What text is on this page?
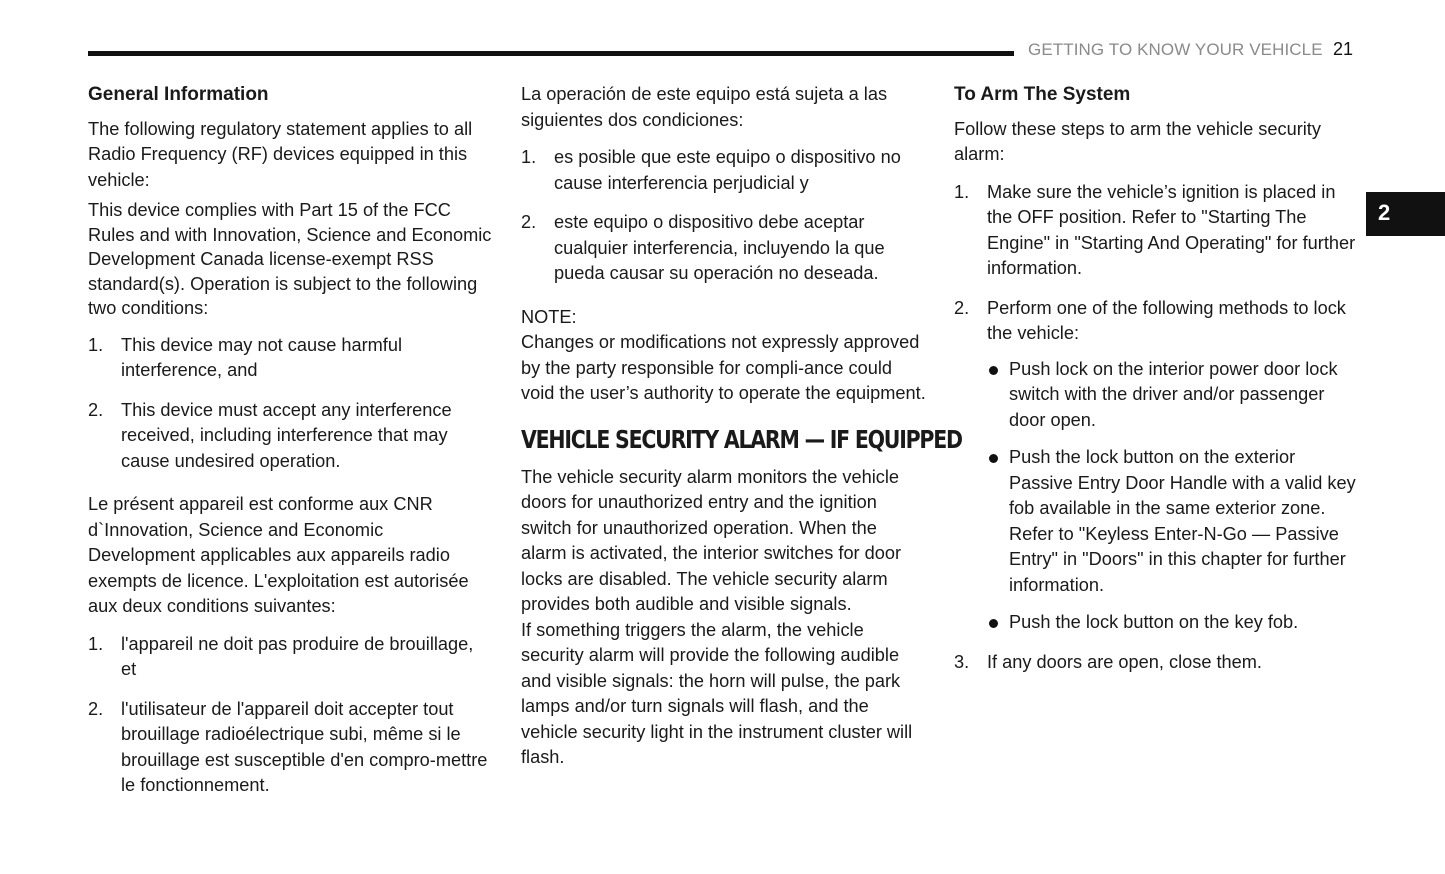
GETTING TO KNOW YOUR VEHICLE 21
2
General Information

The following regulatory statement applies to all Radio Frequency (RF) devices equipped in this vehicle:

This device complies with Part 15 of the FCC Rules and with Innovation, Science and Economic Development Canada license-exempt RSS standard(s). Operation is subject to the following two conditions:

1. This device may not cause harmful interference, and
2. This device must accept any interference received, including interference that may cause undesired operation.

Le présent appareil est conforme aux CNR d`Innovation, Science and Economic Development applicables aux appareils radio exempts de licence. L'exploitation est autorisée aux deux conditions suivantes:

1. l'appareil ne doit pas produire de brouillage, et
2. l'utilisateur de l'appareil doit accepter tout brouillage radioélectrique subi, même si le brouillage est susceptible d'en compro-mettre le fonctionnement.

La operación de este equipo está sujeta a las siguientes dos condiciones:

1. es posible que este equipo o dispositivo no cause interferencia perjudicial y
2. este equipo o dispositivo debe aceptar cualquier interferencia, incluyendo la que pueda causar su operación no deseada.
NOTE:

Changes or modifications not expressly approved by the party responsible for compli-ance could void the user’s authority to operate the equipment.

VEHICLE SECURITY ALARM — IF EQUIPPED

The vehicle security alarm monitors the vehicle doors for unauthorized entry and the ignition switch for unauthorized operation. When the alarm is activated, the interior switches for door locks are disabled. The vehicle security alarm provides both audible and visible signals.

If something triggers the alarm, the vehicle security alarm will provide the following audible and visible signals: the horn will pulse, the park lamps and/or turn signals will flash, and the vehicle security light in the instrument cluster will flash.

To Arm The System

Follow these steps to arm the vehicle security alarm:

1. Make sure the vehicle’s ignition is placed in the OFF position. Refer to "Starting The Engine" in "Starting And Operating" for further information.
2. Perform one of the following methods to lock the vehicle:
Push lock on the interior power door lock switch with the driver and/or passenger door open.
Push the lock button on the exterior Passive Entry Door Handle with a valid key fob available in the same exterior zone. Refer to "Keyless Enter-N-Go — Passive Entry" in "Doors" in this chapter for further information.
Push the lock button on the key fob.
3. If any doors are open, close them.
